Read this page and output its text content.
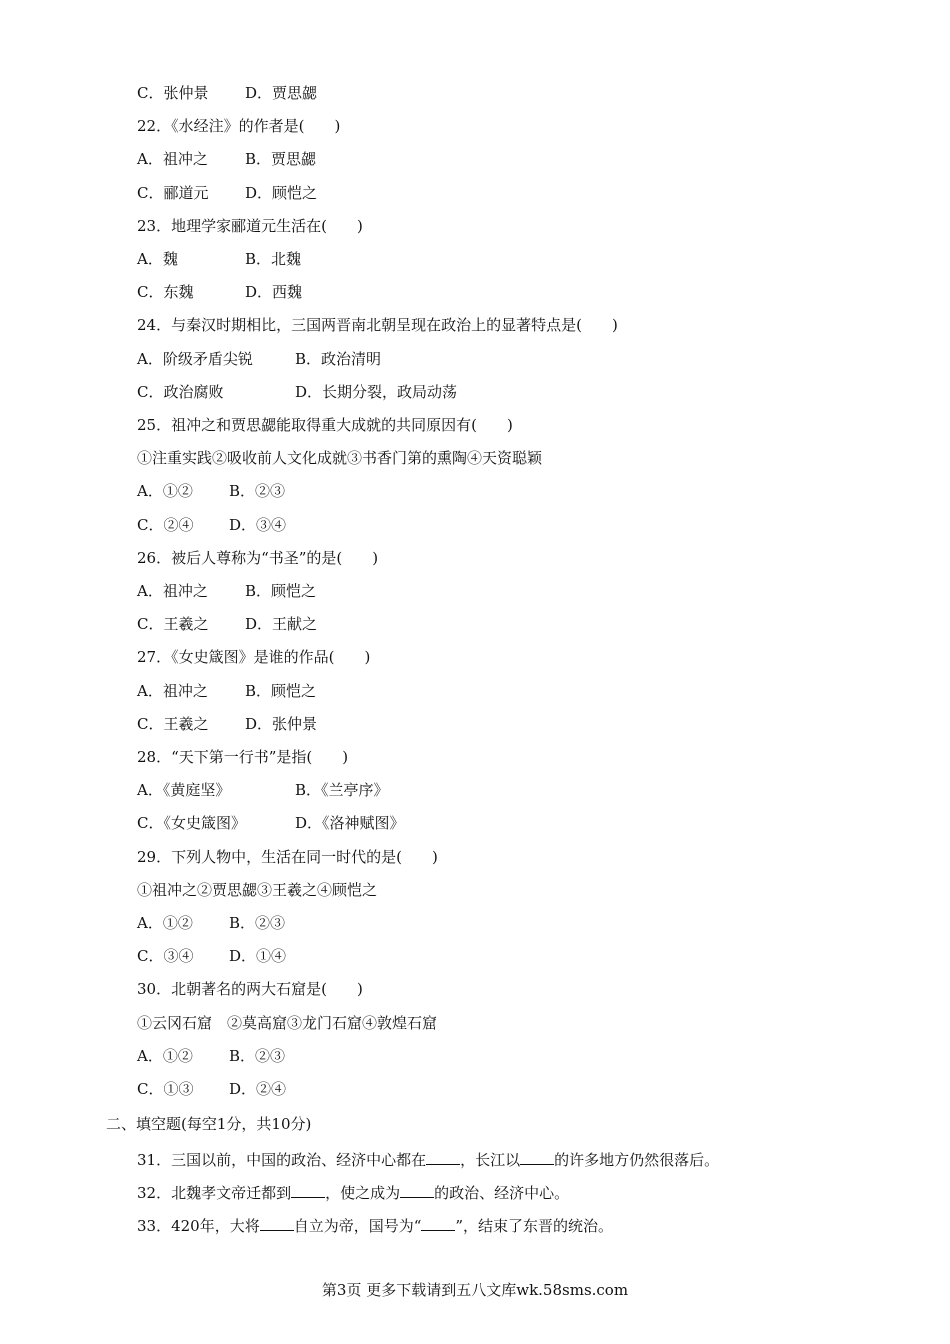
C．张仲景 D．贾思勰
22．《水经注》的作者是(　　)
A．祖冲之 B．贾思勰
C．郦道元 D．顾恺之
23．地理学家郦道元生活在(　　)
A．魏	B．北魏
C．东魏	D．西魏
24．与秦汉时期相比，三国两晋南北朝呈现在政治上的显著特点是(　　)
A．阶级矛盾尖锐	B．政治清明
C．政治腐败	D．长期分裂，政局动荡
25．祖冲之和贾思勰能取得重大成就的共同原因有(　　)
①注重实践②吸收前人文化成就③书香门第的熏陶④天资聪颖
A．①② B．②③
C．②④ D．③④
26．被后人尊称为“书圣”的是(　　)
A．祖冲之 B．顾恺之
C．王羲之 D．王献之
27．《女史箴图》是谁的作品(　　)
A．祖冲之 B．顾恺之
C．王羲之 D．张仲景
28．“天下第一行书”是指(　　)
A．《黄庭坚》	B．《兰亭序》
C．《女史箴图》	D．《洛神赋图》
29．下列人物中，生活在同一时代的是(　　)
①祖冲之②贾思勰③王羲之④顾恺之
A．①② B．②③
C．③④ D．①④
30．北朝著名的两大石窟是(　　)
①云冈石窟　②莫高窟③龙门石窟④敦煌石窟
A．①② B．②③
C．①③ D．②④
二、填空题(每空1分，共10分)
31．三国以前，中国的政治、经济中心都在 ，长江以 的许多地方仍然很落后。
32．北魏孝文帝迁都到 ，使之成为 的政治、经济中心。
33．420年，大将 自立为帝，国号为“ ”，结束了东晋的统治。
第3页 更多下载请到五八文库wk.58sms.com
